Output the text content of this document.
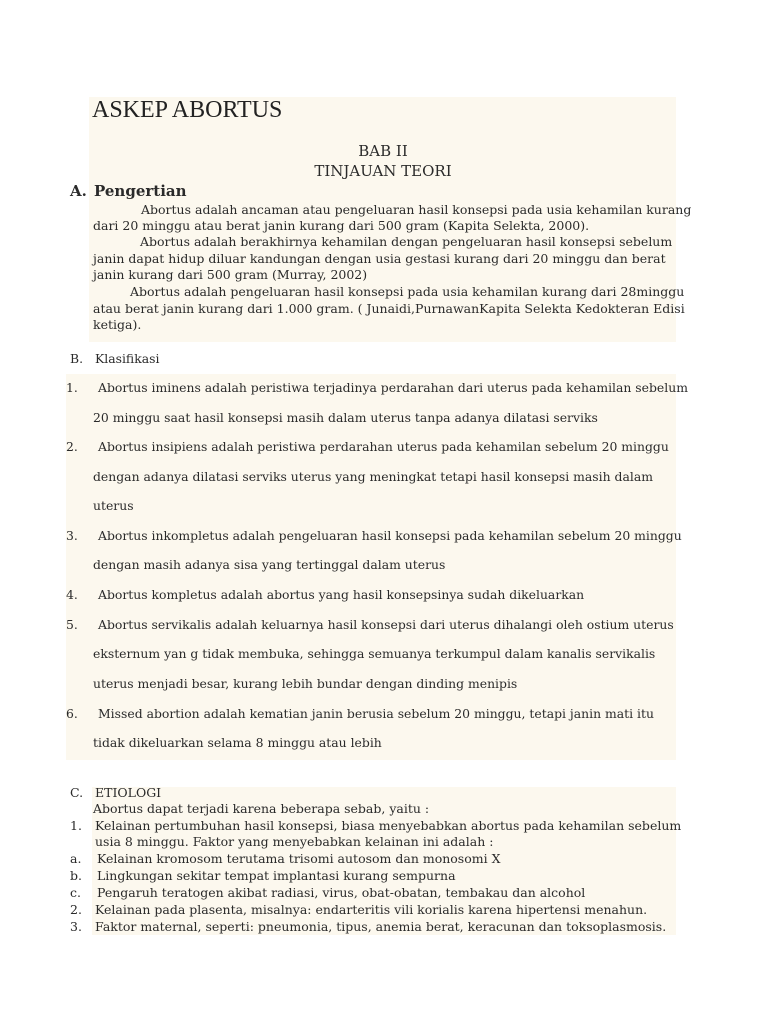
ASKEP ABORTUS
BAB II
TINJAUAN TEORI
A. Pengertian
Abortus adalah ancaman atau pengeluaran hasil konsepsi pada usia kehamilan kurang
dari 20 minggu atau berat janin kurang dari 500 gram (Kapita Selekta, 2000).
Abortus adalah berakhirnya kehamilan dengan pengeluaran hasil konsepsi sebelum
janin dapat hidup diluar kandungan dengan usia gestasi kurang dari 20 minggu dan berat
janin kurang dari 500 gram (Murray, 2002)
Abortus adalah pengeluaran hasil konsepsi pada usia kehamilan kurang dari 28minggu
atau berat janin kurang dari 1.000 gram. ( Junaidi,PurnawanKapita Selekta Kedokteran Edisi
ketiga).
B. Klasifikasi
1. Abortus iminens adalah peristiwa terjadinya perdarahan dari uterus pada kehamilan sebelum
20 minggu saat hasil konsepsi masih dalam uterus tanpa adanya dilatasi serviks
2. Abortus insipiens adalah peristiwa perdarahan uterus pada kehamilan sebelum 20 minggu
dengan adanya dilatasi serviks uterus yang meningkat tetapi hasil konsepsi masih dalam
uterus
3. Abortus inkompletus adalah pengeluaran hasil konsepsi pada kehamilan sebelum 20 minggu
dengan masih adanya sisa yang tertinggal dalam uterus
4. Abortus kompletus adalah abortus yang hasil konsepsinya sudah dikeluarkan
5. Abortus servikalis adalah keluarnya hasil konsepsi dari uterus dihalangi oleh ostium uterus
eksternum yan g tidak membuka, sehingga semuanya terkumpul dalam kanalis servikalis
uterus menjadi besar, kurang lebih bundar dengan dinding menipis
6. Missed abortion adalah kematian janin berusia sebelum 20 minggu, tetapi janin mati itu
tidak dikeluarkan selama 8 minggu atau lebih
C. ETIOLOGI
Abortus dapat terjadi karena beberapa sebab, yaitu :
1. Kelainan pertumbuhan hasil konsepsi, biasa menyebabkan abortus pada kehamilan sebelum
usia 8 minggu. Faktor yang menyebabkan kelainan ini adalah :
a. Kelainan kromosom terutama trisomi autosom dan monosomi X
b. Lingkungan sekitar tempat implantasi kurang sempurna
c. Pengaruh teratogen akibat radiasi, virus, obat-obatan, tembakau dan alcohol
2. Kelainan pada plasenta, misalnya: endarteritis vili korialis karena hipertensi menahun.
3. Faktor maternal, seperti: pneumonia, tipus, anemia berat, keracunan dan toksoplasmosis.
